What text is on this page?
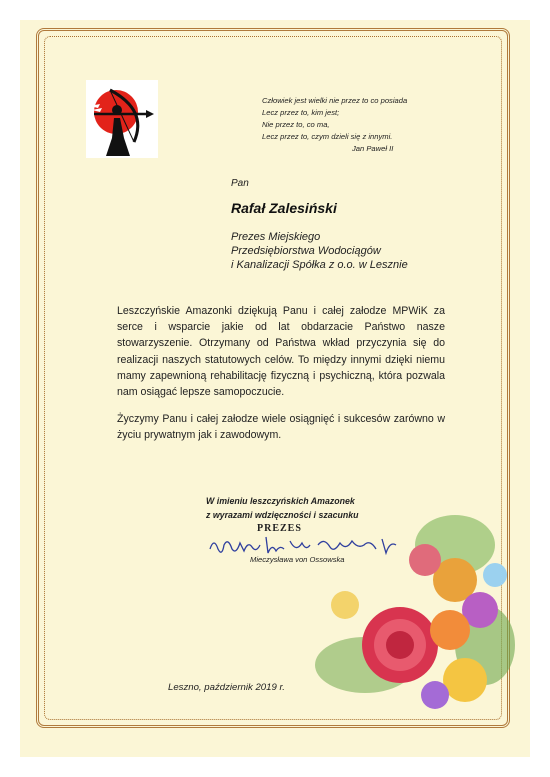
Człowiek jest wielki nie przez to co posiada
Lecz przez to, kim jest;
Nie przez to, co ma,
Lecz przez to, czym dzieli się z innymi.
Jan Paweł II
Pan
Rafał Zalesiński
Prezes Miejskiego
Przedsiębiorstwa Wodociągów
i Kanalizacji Spółka z o.o. w Lesznie

Leszczyńskie Amazonki dziękują Panu i całej załodze MPWiK za serce i wsparcie jakie od lat obdarzacie Państwo nasze stowarzyszenie. Otrzymany od Państwa wkład przyczynia się do realizacji naszych statutowych celów. To między innymi dzięki niemu mamy zapewnioną rehabilitację fizyczną i psychiczną, która pozwala nam osiągać lepsze samopoczucie.

Życzymy Panu i całej załodze wiele osiągnięć i sukcesów zarówno w życiu prywatnym jak i zawodowym.

W imieniu leszczyńskich Amazonek
z wyrazami wdzięczności i szacunku
PREZES
Mieczysława von Ossowska
Leszno, październik 2019 r.
